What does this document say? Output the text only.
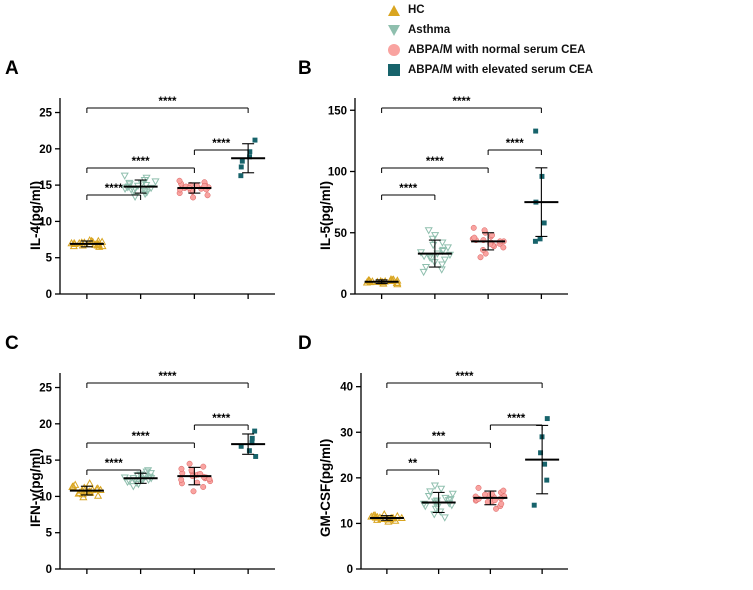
HC
Asthma
ABPA/M with normal serum CEA
ABPA/M with elevated serum CEA
A	B
C	D
IL-4(pg/ml)	IL-5(pg/ml)
IFN-γ(pg/ml)	GM-CSF(pg/ml)
0
5
10
15
20
25
****
****
****
****
0
50
100
150
****
****
****
****
0
5
10
15
20
25
****
****
****
****
0
10
20
30
40
**
***
****
****
